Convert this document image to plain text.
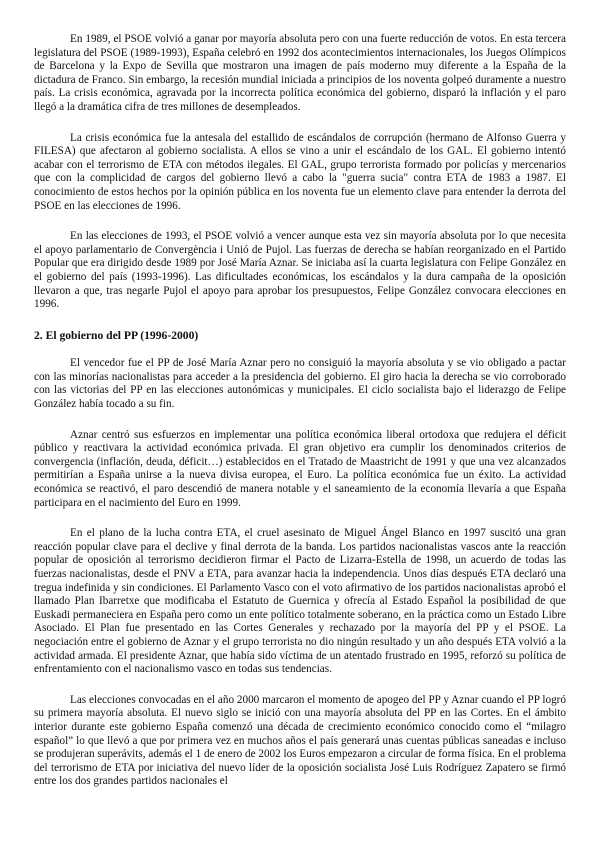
En 1989, el PSOE volvió a ganar por mayoría absoluta pero con una fuerte reducción de votos. En esta tercera legislatura del PSOE (1989-1993), España celebró en 1992 dos acontecimientos internacionales, los Juegos Olímpicos de Barcelona y la Expo de Sevilla que mostraron una imagen de país moderno muy diferente a la España de la dictadura de Franco. Sin embargo, la recesión mundial iniciada a principios de los noventa golpeó duramente a nuestro país. La crisis económica, agravada por la incorrecta política económica del gobierno, disparó la inflación y el paro llegó a la dramática cifra de tres millones de desempleados.

La crisis económica fue la antesala del estallido de escándalos de corrupción (hermano de Alfonso Guerra y FILESA) que afectaron al gobierno socialista. A ellos se vino a unir el escándalo de los GAL. El gobierno intentó acabar con el terrorismo de ETA con métodos ilegales. El GAL, grupo terrorista formado por policías y mercenarios que con la complicidad de cargos del gobierno llevó a cabo la "guerra sucia" contra ETA de 1983 a 1987. El conocimiento de estos hechos por la opinión pública en los noventa fue un elemento clave para entender la derrota del PSOE en las elecciones de 1996.

En las elecciones de 1993, el PSOE volvió a vencer aunque esta vez sin mayoría absoluta por lo que necesita el apoyo parlamentario de Convergència i Unió de Pujol. Las fuerzas de derecha se habían reorganizado en el Partido Popular que era dirigido desde 1989 por José María Aznar. Se iniciaba así la cuarta legislatura con Felipe González en el gobierno del país (1993-1996). Las dificultades económicas, los escándalos y la dura campaña de la oposición llevaron a que, tras negarle Pujol el apoyo para aprobar los presupuestos, Felipe González convocara elecciones en 1996.

2. El gobierno del PP (1996-2000)

El vencedor fue el PP de José María Aznar pero no consiguió la mayoría absoluta y se vio obligado a pactar con las minorías nacionalistas para acceder a la presidencia del gobierno. El giro hacia la derecha se vio corroborado con las victorias del PP en las elecciones autonómicas y municipales. El ciclo socialista bajo el liderazgo de Felipe González había tocado a su fin.

Aznar centró sus esfuerzos en implementar una política económica liberal ortodoxa que redujera el déficit público y reactivara la actividad económica privada. El gran objetivo era cumplir los denominados criterios de convergencia (inflación, deuda, déficit…) establecidos en el Tratado de Maastricht de 1991 y que una vez alcanzados permitirían a España unirse a la nueva divisa europea, el Euro. La política económica fue un éxito. La actividad económica se reactivó, el paro descendió de manera notable y el saneamiento de la economía llevaría a que España participara en el nacimiento del Euro en 1999.

En el plano de la lucha contra ETA, el cruel asesinato de Miguel Ángel Blanco en 1997 suscitó una gran reacción popular clave para el declive y final derrota de la banda. Los partidos nacionalistas vascos ante la reacción popular de oposición al terrorismo decidieron firmar el Pacto de Lizarra-Estella de 1998, un acuerdo de todas las fuerzas nacionalistas, desde el PNV a ETA, para avanzar hacia la independencia. Unos días después ETA declaró una tregua indefinida y sin condiciones. El Parlamento Vasco con el voto afirmativo de los partidos nacionalistas aprobó el llamado Plan Ibarretxe que modificaba el Estatuto de Guernica y ofrecía al Estado Español la posibilidad de que Euskadi permaneciera en España pero como un ente político totalmente soberano, en la práctica como un Estado Libre Asociado. El Plan fue presentado en las Cortes Generales y rechazado por la mayoría del PP y el PSOE. La negociación entre el gobierno de Aznar y el grupo terrorista no dio ningún resultado y un año después ETA volvió a la actividad armada. El presidente Aznar, que había sido víctima de un atentado frustrado en 1995, reforzó su política de enfrentamiento con el nacionalismo vasco en todas sus tendencias.

Las elecciones convocadas en el año 2000 marcaron el momento de apogeo del PP y Aznar cuando el PP logró su primera mayoría absoluta. El nuevo siglo se inició con una mayoría absoluta del PP en las Cortes. En el ámbito interior durante este gobierno España comenzó una década de crecimiento económico conocido como el “milagro español” lo que llevó a que por primera vez en muchos años el país generará unas cuentas públicas saneadas e incluso se produjeran superávits, además el 1 de enero de 2002 los Euros empezaron a circular de forma física. En el problema del terrorismo de ETA por iniciativa del nuevo líder de la oposición socialista José Luis Rodríguez Zapatero se firmó entre los dos grandes partidos nacionales el
